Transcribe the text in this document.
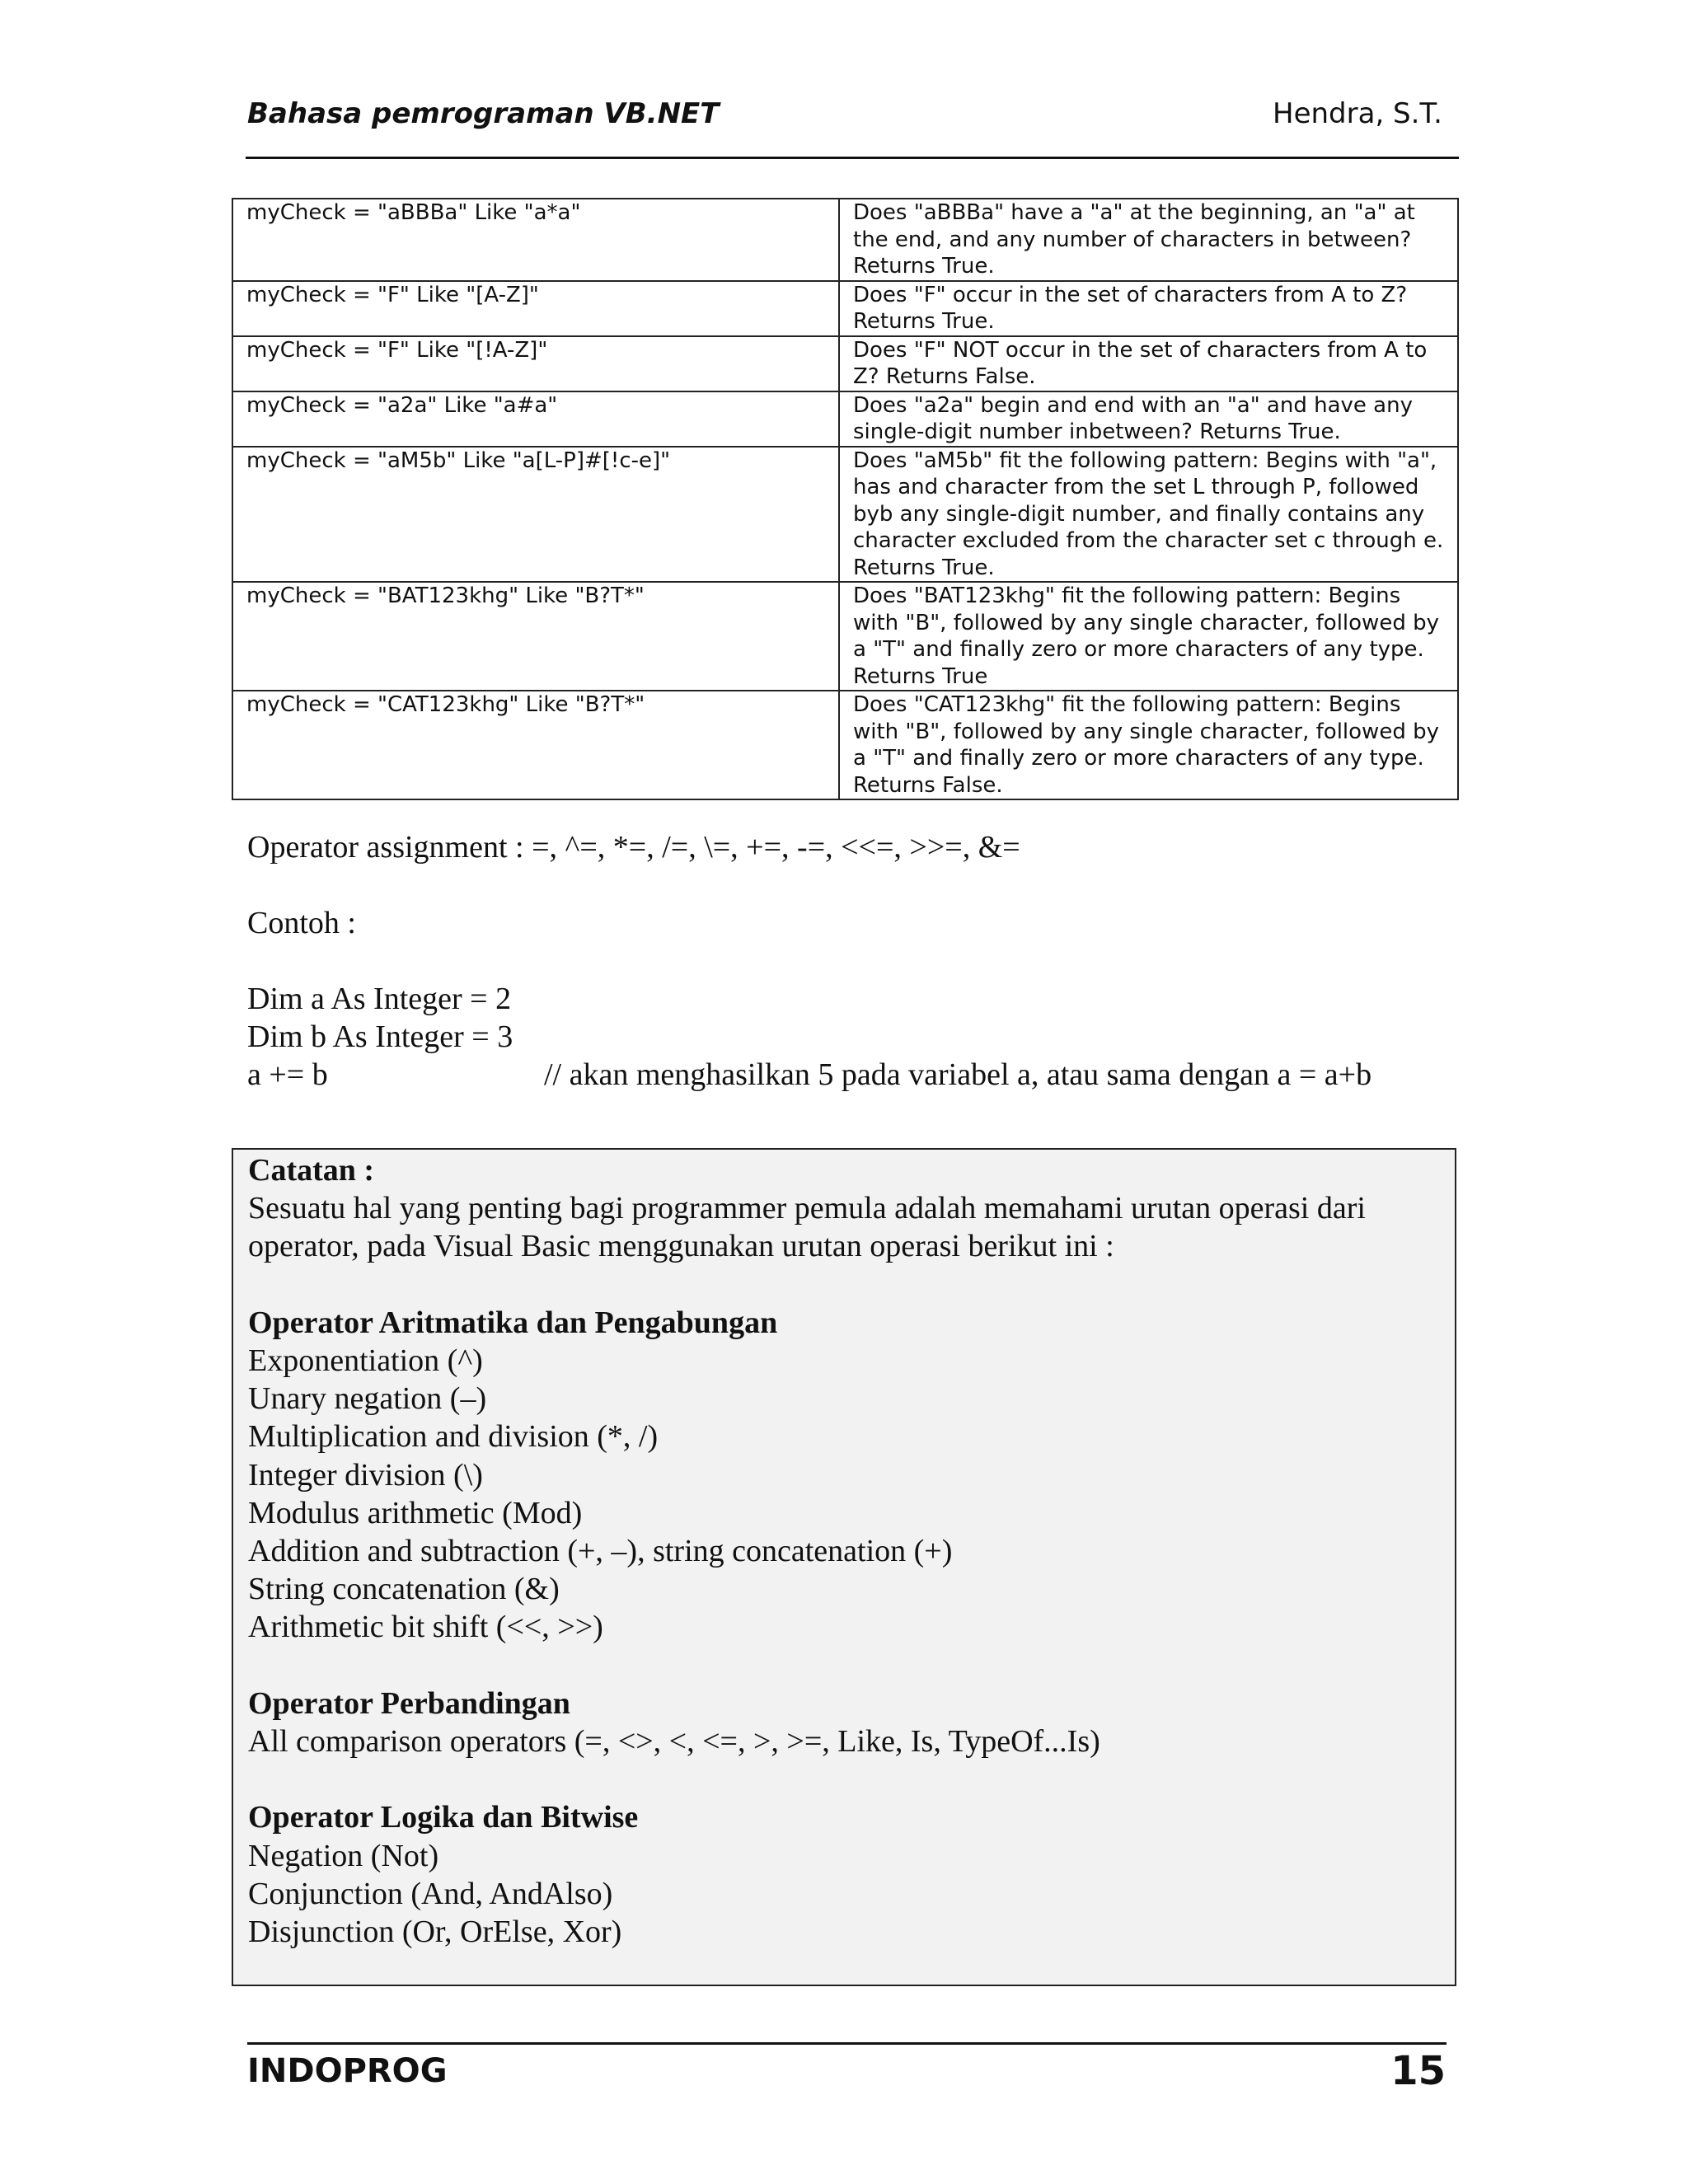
Bahasa pemrograman VB.NET	Hendra, S.T.
myCheck = "aBBBa" Like "a*a"	Does "aBBBa" have a "a" at the beginning, an "a" at the end, and any number of characters in between? Returns True.
myCheck = "F" Like "[A-Z]"	Does "F" occur in the set of characters from A to Z? Returns True.
myCheck = "F" Like "[!A-Z]"	Does "F" NOT occur in the set of characters from A to Z? Returns False.
myCheck = "a2a" Like "a#a"	Does "a2a" begin and end with an "a" and have any single-digit number inbetween? Returns True.
myCheck = "aM5b" Like "a[L-P]#[!c-e]"	Does "aM5b" fit the following pattern: Begins with "a", has and character from the set L through P, followed byb any single-digit number, and finally contains any character excluded from the character set c through e. Returns True.
myCheck = "BAT123khg" Like "B?T*"	Does "BAT123khg" fit the following pattern: Begins with "B", followed by any single character, followed by a "T" and finally zero or more characters of any type. Returns True
myCheck = "CAT123khg" Like "B?T*"	Does "CAT123khg" fit the following pattern: Begins with "B", followed by any single character, followed by a "T" and finally zero or more characters of any type. Returns False.
Operator assignment : =, ^=, *=, /=, \=, +=, -=, <<=, >>=, &=
Contoh :
Dim a As Integer = 2
Dim b As Integer = 3
a += b	// akan menghasilkan 5 pada variabel a, atau sama dengan a = a+b
Catatan :
Sesuatu hal yang penting bagi programmer pemula adalah memahami urutan operasi dari
operator, pada Visual Basic menggunakan urutan operasi berikut ini :
Operator Aritmatika dan Pengabungan
Exponentiation (^)
Unary negation (–)
Multiplication and division (*, /)
Integer division (\)
Modulus arithmetic (Mod)
Addition and subtraction (+, –), string concatenation (+)
String concatenation (&)
Arithmetic bit shift (<<, >>)
Operator Perbandingan
All comparison operators (=, <>, <, <=, >, >=, Like, Is, TypeOf...Is)
Operator Logika dan Bitwise
Negation (Not)
Conjunction (And, AndAlso)
Disjunction (Or, OrElse, Xor)
INDOPROG	15
